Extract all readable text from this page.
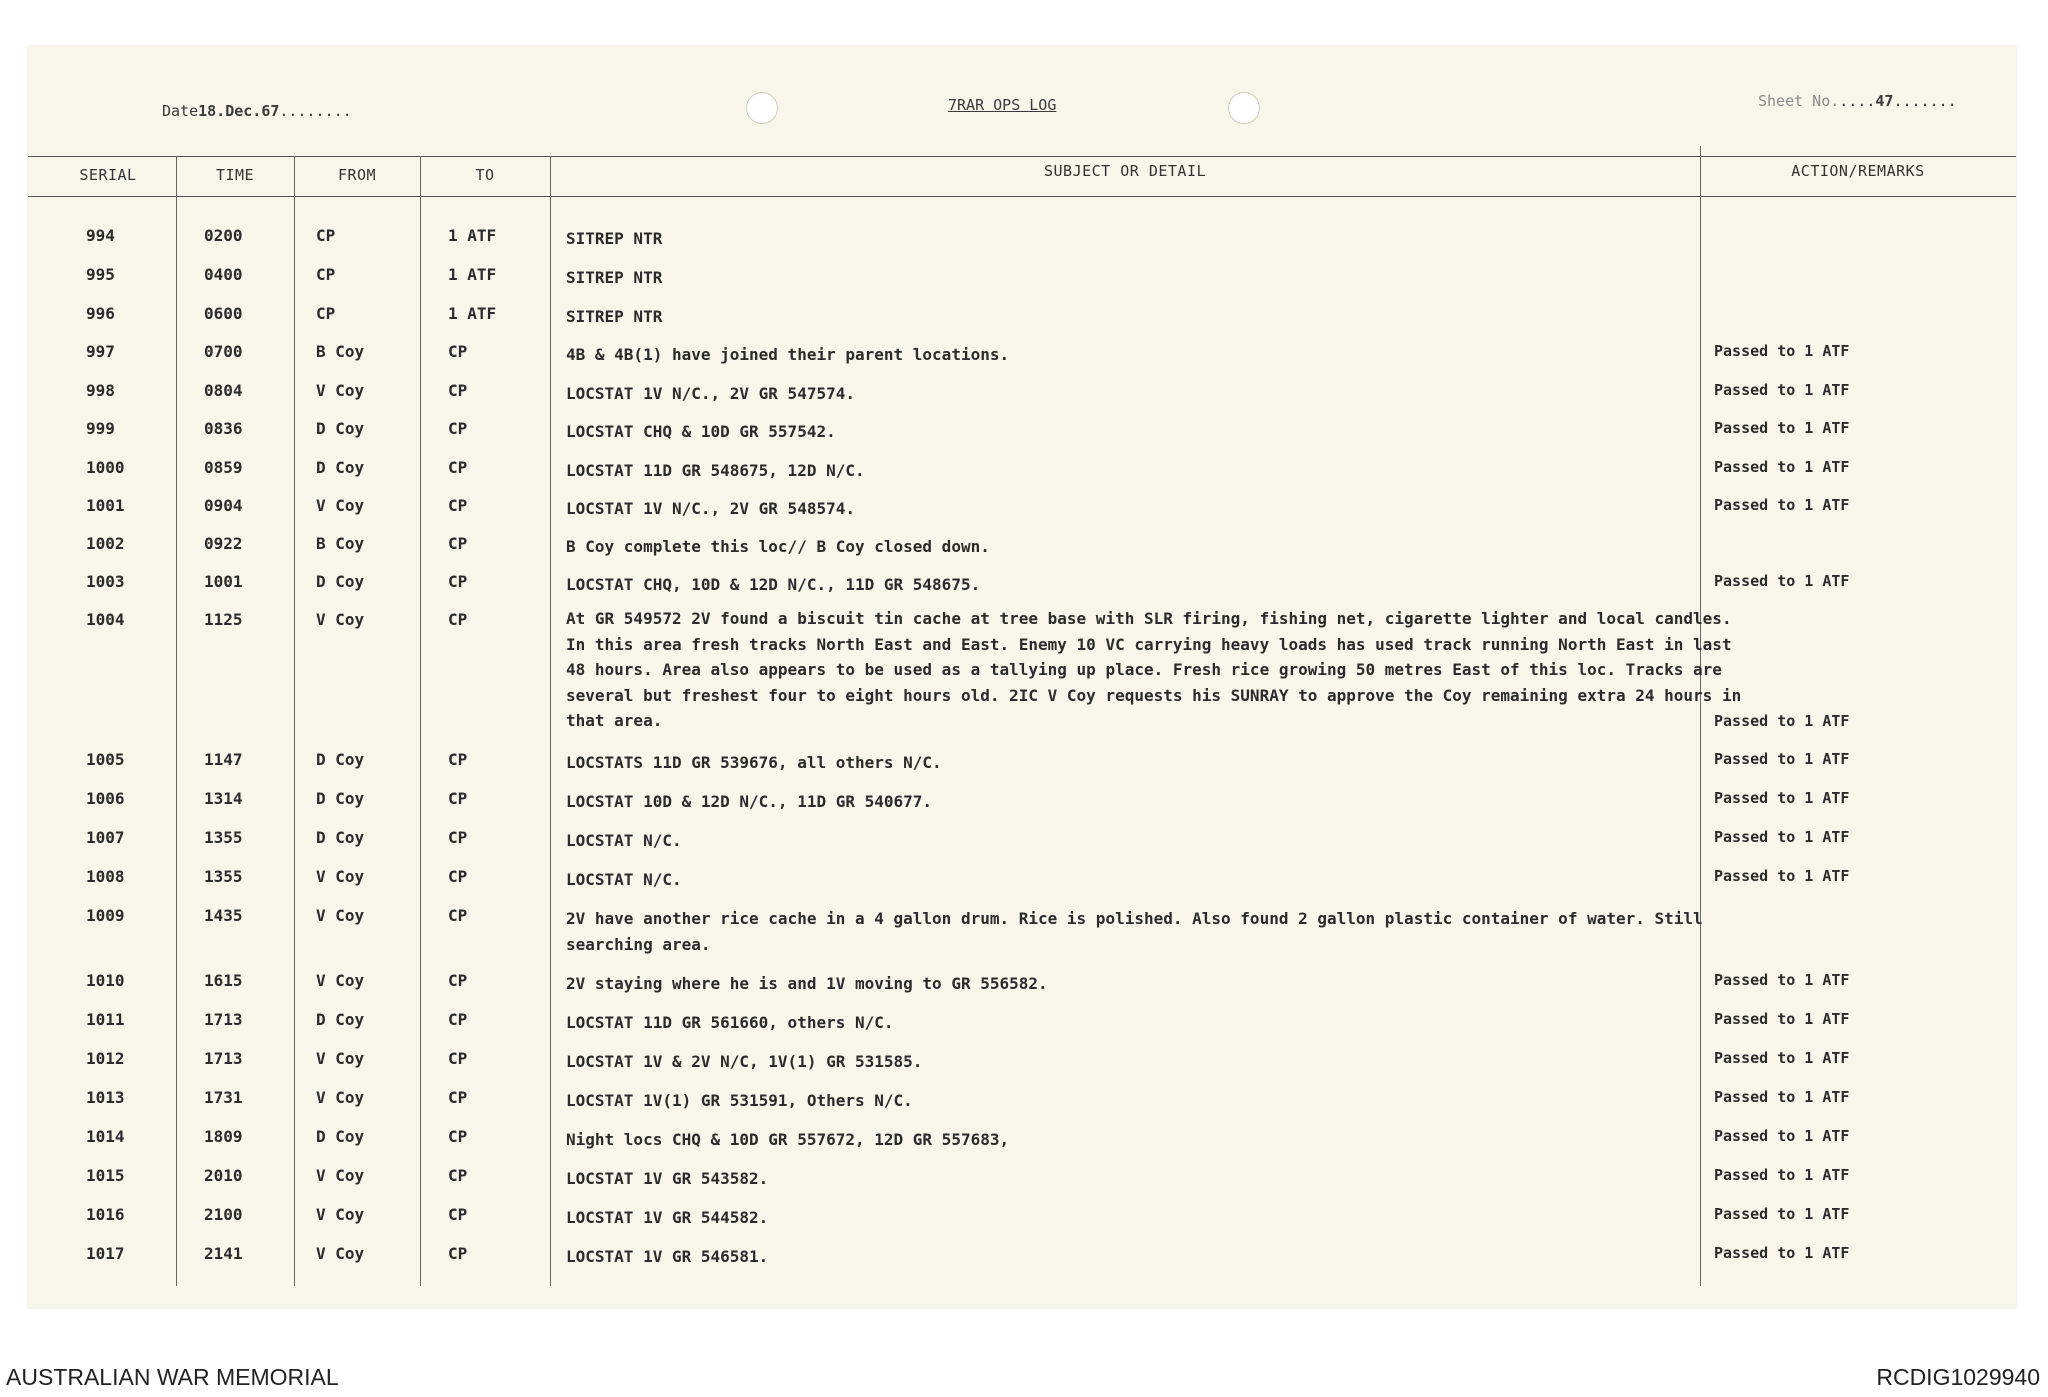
Date18.Dec.67........	7RAR OPS LOG	Sheet No.....47.......
SERIAL	TIME	FROM	TO	SUBJECT OR DETAIL	ACTION/REMARKS
994	0200	CP	1 ATF	SITREP NTR
995	0400	CP	1 ATF	SITREP NTR
996	0600	CP	1 ATF	SITREP NTR
997	0700	B Coy	CP	4B & 4B(1) have joined their parent locations.	Passed to 1 ATF
998	0804	V Coy	CP	LOCSTAT 1V N/C., 2V GR 547574.	Passed to 1 ATF
999	0836	D Coy	CP	LOCSTAT CHQ & 10D GR 557542.	Passed to 1 ATF
1000	0859	D Coy	CP	LOCSTAT 11D GR 548675, 12D N/C.	Passed to 1 ATF
1001	0904	V Coy	CP	LOCSTAT 1V N/C., 2V GR 548574.	Passed to 1 ATF
1002	0922	B Coy	CP	B Coy complete this loc// B Coy closed down.
1003	1001	D Coy	CP	LOCSTAT CHQ, 10D & 12D N/C., 11D GR 548675.	Passed to 1 ATF
1004	1125	V Coy	CP	At GR 549572 2V found a biscuit tin cache at tree base with SLR firing, fishing net, cigarette lighter and local candles. In this area fresh tracks North East and East. Enemy 10 VC carrying heavy loads has used track running North East in last 48 hours. Area also appears to be used as a tallying up place. Fresh rice growing 50 metres East of this loc. Tracks are several but freshest four to eight hours old. 2IC V Coy requests his SUNRAY to approve the Coy remaining extra 24 hours in that area.	Passed to 1 ATF
1005	1147	D Coy	CP	LOCSTATS 11D GR 539676, all others N/C.	Passed to 1 ATF
1006	1314	D Coy	CP	LOCSTAT 10D & 12D N/C., 11D GR 540677.	Passed to 1 ATF
1007	1355	D Coy	CP	LOCSTAT N/C.	Passed to 1 ATF
1008	1355	V Coy	CP	LOCSTAT N/C.	Passed to 1 ATF
1009	1435	V Coy	CP	2V have another rice cache in a 4 gallon drum. Rice is polished. Also found 2 gallon plastic container of water. Still searching area.
1010	1615	V Coy	CP	2V staying where he is and 1V moving to GR 556582.	Passed to 1 ATF
1011	1713	D Coy	CP	LOCSTAT 11D GR 561660, others N/C.	Passed to 1 ATF
1012	1713	V Coy	CP	LOCSTAT 1V & 2V N/C, 1V(1) GR 531585.	Passed to 1 ATF
1013	1731	V Coy	CP	LOCSTAT 1V(1) GR 531591, Others N/C.	Passed to 1 ATF
1014	1809	D Coy	CP	Night locs CHQ & 10D GR 557672, 12D GR 557683,	Passed to 1 ATF
1015	2010	V Coy	CP	LOCSTAT 1V GR 543582.	Passed to 1 ATF
1016	2100	V Coy	CP	LOCSTAT 1V GR 544582.	Passed to 1 ATF
1017	2141	V Coy	CP	LOCSTAT 1V GR 546581.	Passed to 1 ATF
AUSTRALIAN WAR MEMORIAL	RCDIG1029940
